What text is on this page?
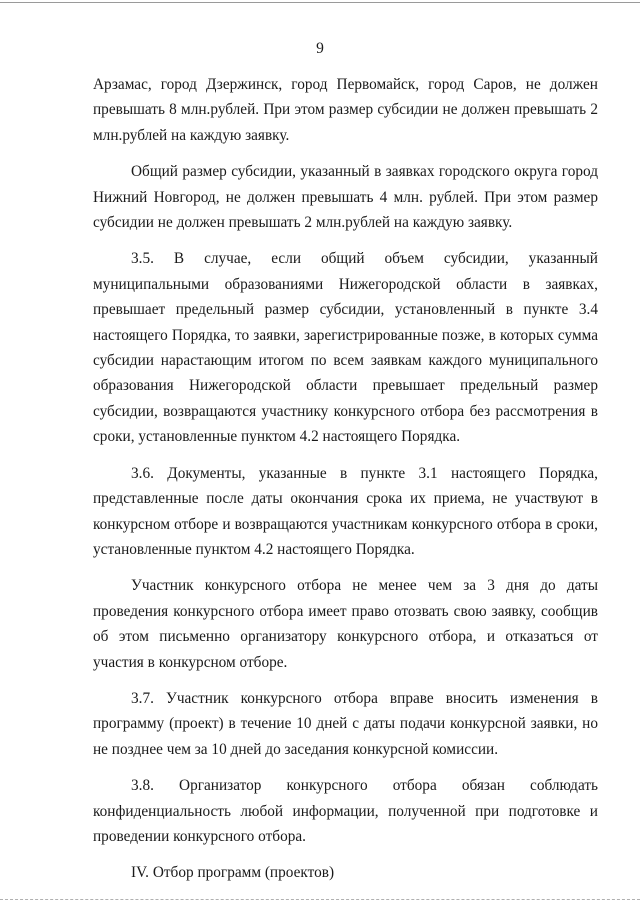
9

Арзамас, город Дзержинск, город Первомайск, город Саров, не должен превышать 8 млн.рублей. При этом размер субсидии не должен превышать 2 млн.рублей на каждую заявку.

Общий размер субсидии, указанный в заявках городского округа город Нижний Новгород, не должен превышать 4 млн. рублей. При этом размер субсидии не должен превышать 2 млн.рублей на каждую заявку.

3.5. В случае, если общий объем субсидии, указанный муниципальными образованиями Нижегородской области в заявках, превышает предельный размер субсидии, установленный в пункте 3.4 настоящего Порядка, то заявки, зарегистрированные позже, в которых сумма субсидии нарастающим итогом по всем заявкам каждого муниципального образования Нижегородской области превышает предельный размер субсидии, возвращаются участнику конкурсного отбора без рассмотрения в сроки, установленные пунктом 4.2 настоящего Порядка.

3.6. Документы, указанные в пункте 3.1 настоящего Порядка, представленные после даты окончания срока их приема, не участвуют в конкурсном отборе и возвращаются участникам конкурсного отбора в сроки, установленные пунктом 4.2 настоящего Порядка.

Участник конкурсного отбора не менее чем за 3 дня до даты проведения конкурсного отбора имеет право отозвать свою заявку, сообщив об этом письменно организатору конкурсного отбора, и отказаться от участия в конкурсном отборе.

3.7. Участник конкурсного отбора вправе вносить изменения в программу (проект) в течение 10 дней с даты подачи конкурсной заявки, но не позднее чем за 10 дней до заседания конкурсной комиссии.

3.8. Организатор конкурсного отбора обязан соблюдать конфиденциальность любой информации, полученной при подготовке и проведении конкурсного отбора.

IV. Отбор программ (проектов)
